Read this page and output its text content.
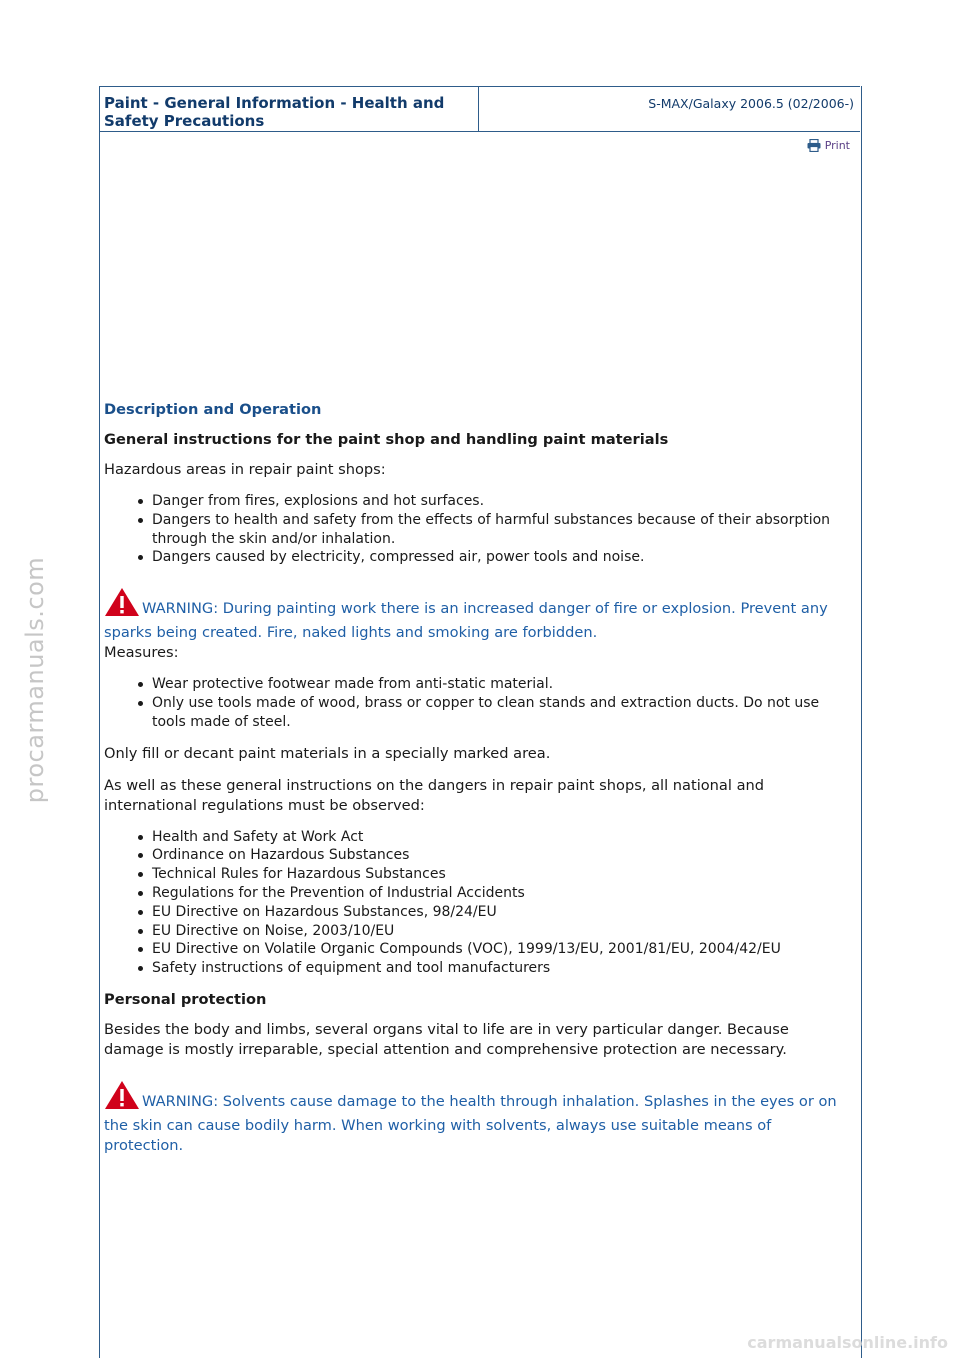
Paint - General Information - Health and Safety Precautions
S-MAX/Galaxy 2006.5 (02/2006-)
Print
Description and Operation
General instructions for the paint shop and handling paint materials

Hazardous areas in repair paint shops:

Danger from fires, explosions and hot surfaces.
Dangers to health and safety from the effects of harmful substances because of their absorption through the skin and/or inhalation.
Dangers caused by electricity, compressed air, power tools and noise.
WARNING: During painting work there is an increased danger of fire or explosion. Prevent any sparks being created. Fire, naked lights and smoking are forbidden.

Measures:

Wear protective footwear made from anti-static material.
Only use tools made of wood, brass or copper to clean stands and extraction ducts. Do not use tools made of steel.

Only fill or decant paint materials in a specially marked area.

As well as these general instructions on the dangers in repair paint shops, all national and international regulations must be observed:

Health and Safety at Work Act
Ordinance on Hazardous Substances
Technical Rules for Hazardous Substances
Regulations for the Prevention of Industrial Accidents
EU Directive on Hazardous Substances, 98/24/EU
EU Directive on Noise, 2003/10/EU
EU Directive on Volatile Organic Compounds (VOC), 1999/13/EU, 2001/81/EU, 2004/42/EU
Safety instructions of equipment and tool manufacturers
Personal protection

Besides the body and limbs, several organs vital to life are in very particular danger. Because damage is mostly irreparable, special attention and comprehensive protection are necessary.

WARNING: Solvents cause damage to the health through inhalation. Splashes in the eyes or on the skin can cause bodily harm. When working with solvents, always use suitable means of protection.
procarmanuals.com
carmanualsonline.info
